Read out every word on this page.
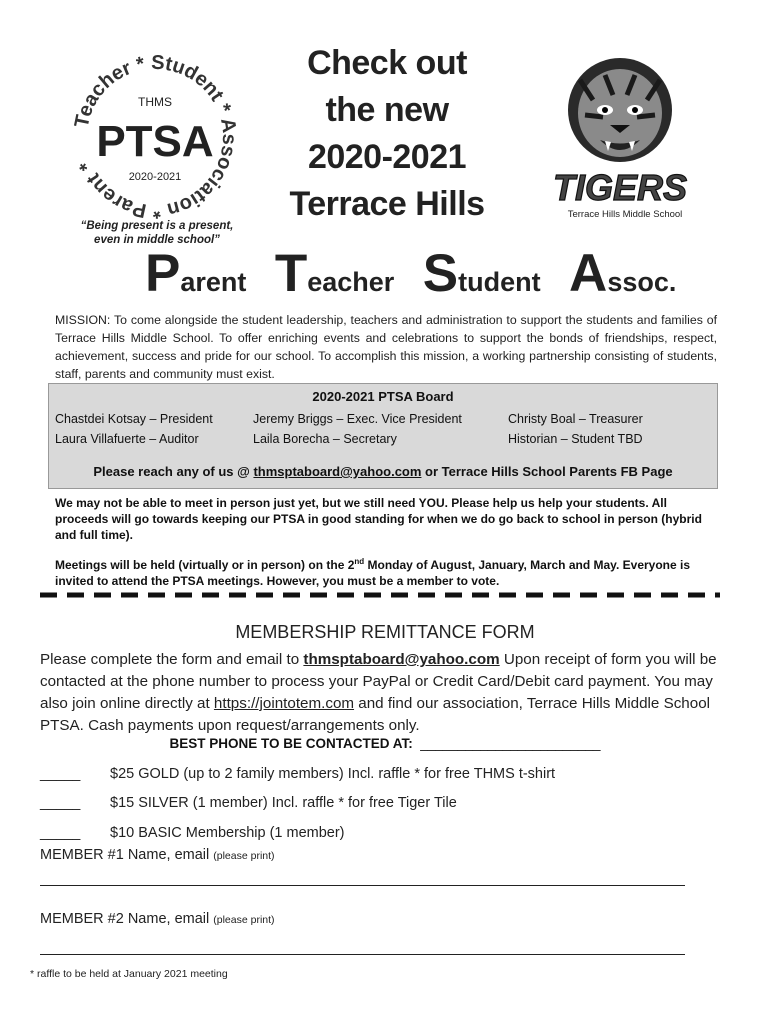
Teacher * Student * Association * Parent *
THMS
PTSA
2020-2021
“Being present is a present,
even in middle school”
Check out
the new
2020-2021
Terrace Hills	TIGERS
Terrace Hills Middle School
Parent Teacher Student Assoc.
MISSION: To come alongside the student leadership, teachers and administration to support the students and families of Terrace Hills Middle School. To offer enriching events and celebrations to support the bonds of friendships, respect, achievement, success and pride for our school. To accomplish this mission, a working partnership consisting of students, staff, parents and community must exist.
2020-2021 PTSA Board
Chastdei Kotsay – President	Jeremy Briggs – Exec. Vice President	Christy Boal – Treasurer
Laura Villafuerte – Auditor	Laila Borecha – Secretary	Historian – Student TBD
Please reach any of us @ thmsptaboard@yahoo.com or Terrace Hills School Parents FB Page
We may not be able to meet in person just yet, but we still need YOU. Please help us help your students. All proceeds will go towards keeping our PTSA in good standing for when we do go back to school in person (hybrid and full time).
Meetings will be held (virtually or in person) on the 2nd Monday of August, January, March and May. Everyone is invited to attend the PTSA meetings. However, you must be a member to vote.
MEMBERSHIP REMITTANCE FORM
Please complete the form and email to thmsptaboard@yahoo.com Upon receipt of form you will be contacted at the phone number to process your PayPal or Credit Card/Debit card payment. You may also join online directly at https://jointotem.com and find our association, Terrace Hills Middle School PTSA. Cash payments upon request/arrangements only.
BEST PHONE TO BE CONTACTED AT: ________________________
_____ $25 GOLD (up to 2 family members) Incl. raffle * for free THMS t-shirt
_____ $15 SILVER (1 member) Incl. raffle * for free Tiger Tile
_____ $10 BASIC Membership (1 member)
MEMBER #1 Name, email (please print)
MEMBER #2 Name, email (please print)
* raffle to be held at January 2021 meeting
